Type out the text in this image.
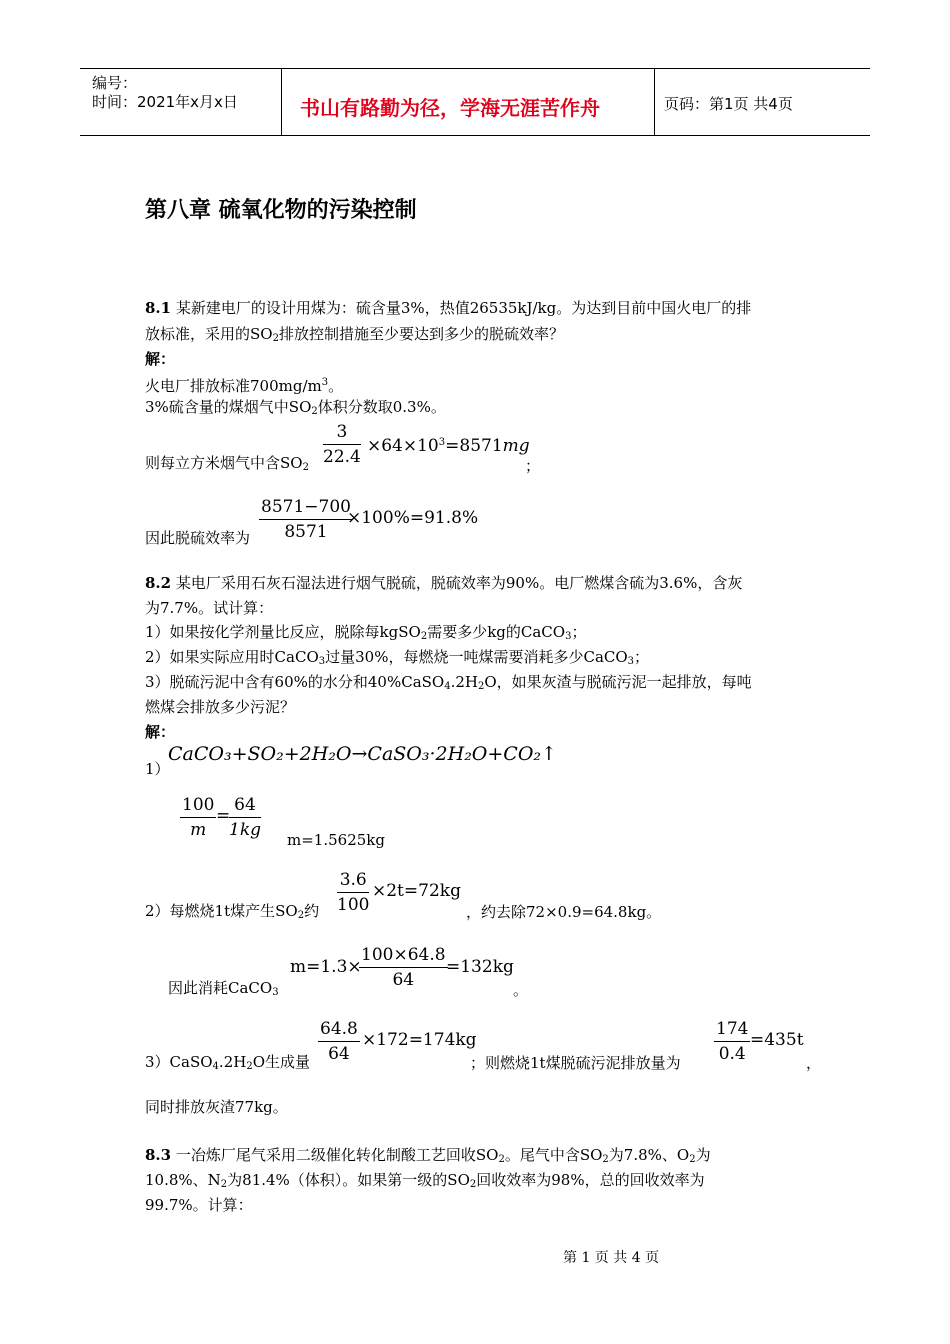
编号：
时间：2021年x月x日	书山有路勤为径，学海无涯苦作舟	页码：第1页 共4页
第八章 硫氧化物的污染控制
8.1 某新建电厂的设计用煤为：硫含量3%，热值26535kJ/kg。为达到目前中国火电厂的排
放标准，采用的$SO_2$排放控制措施至少要达到多少的脱硫效率？
解：
火电厂排放标准$700mg/m^3$。
3%硫含量的煤烟气中$SO_2$体积分数取0.3%。
则每立方米烟气中含$SO_2$
$\frac{3}{22.4} \times 64\times 10^3=8571mg$
；
因此脱硫效率为 $\frac{8571-700}{8571}$
×100%=91.8%
8.2 某电厂采用石灰石湿法进行烟气脱硫，脱硫效率为90%。电厂燃煤含硫为3.6%，含灰
为7.7%。试计算：
1）如果按化学剂量比反应，脱除每kgSO$_2$需要多少kg的CaCO$_3$；
2）如果实际应用时CaCO$_3$过量30%，每燃烧一吨煤需要消耗多少CaCO$_3$；
3）脱硫污泥中含有60%的水分和$40\%CaSO_4.2H_2O$，如果灰渣与脱硫污泥一起排放，每吨
燃煤会排放多少污泥？
解：
1）
CaCO₃+SO₂+2H₂O→CaSO₃·2H₂O+CO₂↑
$\frac{100}{m}$ =
$\frac{64}{1kg} m=1.5625kg$
2）每燃烧1t煤产生$SO_2$约 $\frac{3.6}{100} \times 2t=72kg$
，约去除72×0.9=64.8kg。
因此消耗CaCO$_3$
m=1.3×
$\frac{100\times 64.8}{64}$
=132kg
。
$3)CaSO_4.2H_2O$生成量 $\frac{64.8}{64} \times 172=174kg$
；则燃烧1t煤脱硫污泥排放量为 $\frac{174}{0.4} =435t$
，
同时排放灰渣77kg。
8.3 一冶炼厂尾气采用二级催化转化制酸工艺回收$SO_2$。尾气中含$SO_2$为7.8%、$O_2$为
10.8%、$N_2$为81.4%（体积）。如果第一级的$SO_2$回收效率为98%，总的回收效率为
99.7%。计算：
第 1 页 共 4 页
